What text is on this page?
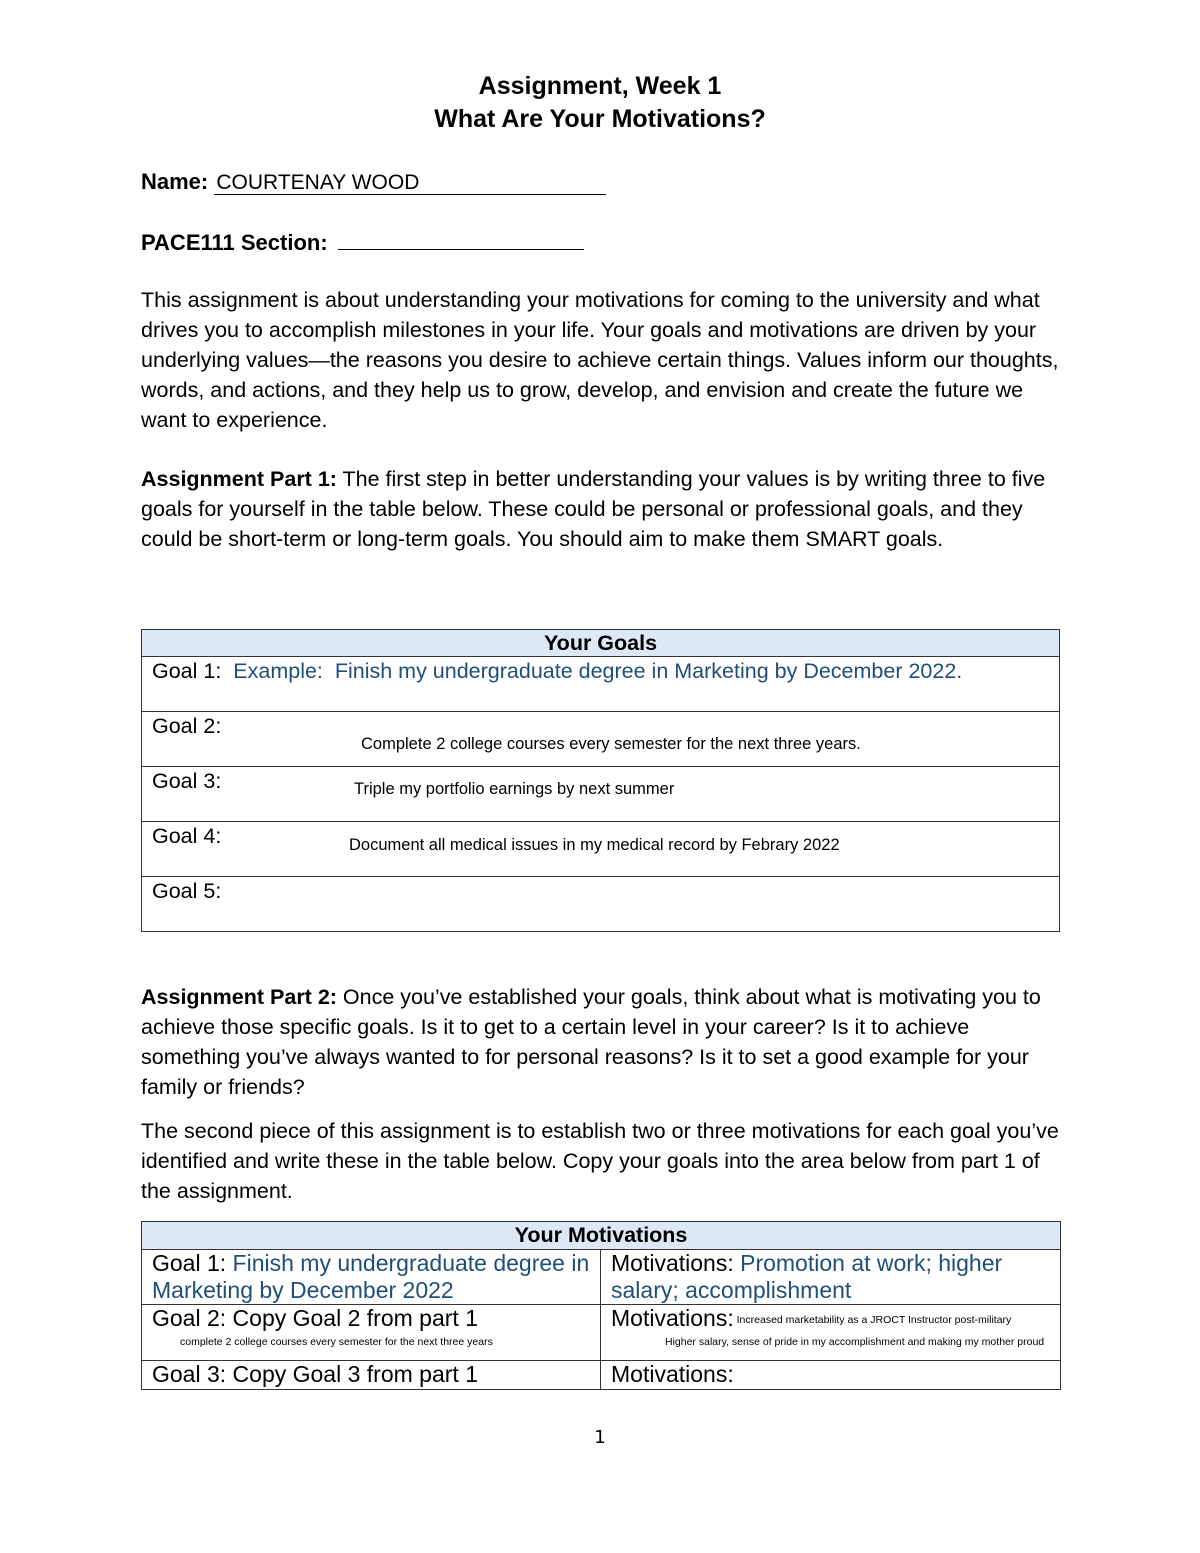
Assignment, Week 1
What Are Your Motivations?
Name: COURTENAY WOOD
PACE111 Section:
This assignment is about understanding your motivations for coming to the university and what drives you to accomplish milestones in your life. Your goals and motivations are driven by your underlying values—the reasons you desire to achieve certain things. Values inform our thoughts, words, and actions, and they help us to grow, develop, and envision and create the future we want to experience.
Assignment Part 1: The first step in better understanding your values is by writing three to five goals for yourself in the table below. These could be personal or professional goals, and they could be short-term or long-term goals. You should aim to make them SMART goals.
Your Goals

Goal 1:  Example:  Finish my undergraduate degree in Marketing by December 2022.

Goal 2:
Complete 2 college courses every semester for the next three years.

Goal 3:	Triple my portfolio earnings by next summer

Goal 4:	Document all medical issues in my medical record by Febrary 2022

Goal 5:
Assignment Part 2: Once you’ve established your goals, think about what is motivating you to achieve those specific goals. Is it to get to a certain level in your career? Is it to achieve something you’ve always wanted to for personal reasons? Is it to set a good example for your family or friends?
The second piece of this assignment is to establish two or three motivations for each goal you’ve identified and write these in the table below. Copy your goals into the area below from part 1 of the assignment.
Your Motivations	
Goal 1: Finish my undergraduate degree in Marketing by December 2022	Motivations: Promotion at work; higher salary; accomplishment
Goal 2: Copy Goal 2 from part 1
complete 2 college courses every semester for the next three years	Motivations: Increased marketability as a JROCT Instructor post-military
Higher salary, sense of pride in my accomplishment and making my mother proud

Goal 3: Copy Goal 3 from part 1	Motivations:
1
